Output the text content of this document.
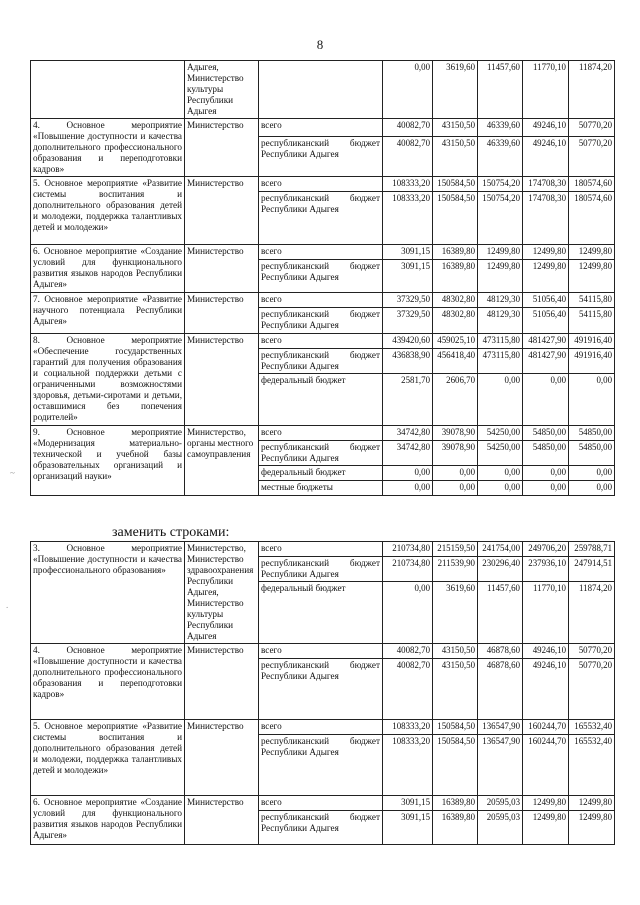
8
	Адыгея, Министерство культуры Республики Адыгея		0,00	3619,60	11457,60	11770,10	11874,20
4. Основное мероприятие «Повышение доступности и качества дополнительного профессионального образования и переподготовки кадров»	Министерство	всего	40082,70	43150,50	46339,60	49246,10	50770,20
		республиканский бюджет Республики Адыгея	40082,70	43150,50	46339,60	49246,10	50770,20
5. Основное мероприятие «Развитие системы воспитания и дополнительного образования детей и молодежи, поддержка талантливых детей и молодежи»	Министерство	всего	108333,20	150584,50	150754,20	174708,30	180574,60
		республиканский бюджет Республики Адыгея	108333,20	150584,50	150754,20	174708,30	180574,60
6. Основное мероприятие «Создание условий для функционального развития языков народов Республики Адыгея»	Министерство	всего	3091,15	16389,80	12499,80	12499,80	12499,80
		республиканский бюджет Республики Адыгея	3091,15	16389,80	12499,80	12499,80	12499,80
7. Основное мероприятие «Развитие научного потенциала Республики Адыгея»	Министерство	всего	37329,50	48302,80	48129,30	51056,40	54115,80
		республиканский бюджет Республики Адыгея	37329,50	48302,80	48129,30	51056,40	54115,80
8. Основное мероприятие «Обеспечение государственных гарантий для получения образования и социальной поддержки детьми с ограниченными возможностями здоровья, детьми-сиротами и детьми, оставшимися без попечения родителей»	Министерство	всего	439420,60	459025,10	473115,80	481427,90	491916,40
		республиканский бюджет Республики Адыгея	436838,90	456418,40	473115,80	481427,90	491916,40
		федеральный бюджет	2581,70	2606,70	0,00	0,00	0,00
9. Основное мероприятие «Модернизация материально-технической и учебной базы образовательных организаций и организаций науки»	Министерство, органы местного самоуправления	всего	34742,80	39078,90	54250,00	54850,00	54850,00
		республиканский бюджет Республики Адыгея	34742,80	39078,90	54250,00	54850,00	54850,00
		федеральный бюджет	0,00	0,00	0,00	0,00	0,00
		местные бюджеты	0,00	0,00	0,00	0,00	0,00
заменить строками:
3. Основное мероприятие «Повышение доступности и качества профессионального образования»	Министерство, Министерство здравоохранения Республики Адыгея, Министерство культуры Республики Адыгея	всего	210734,80	215159,50	241754,00	249706,20	259788,71
		республиканский бюджет Республики Адыгея	210734,80	211539,90	230296,40	237936,10	247914,51
		федеральный бюджет	0,00	3619,60	11457,60	11770,10	11874,20
4. Основное мероприятие «Повышение доступности и качества дополнительного профессионального образования и переподготовки кадров»	Министерство	всего	40082,70	43150,50	46878,60	49246,10	50770,20
		республиканский бюджет Республики Адыгея	40082,70	43150,50	46878,60	49246,10	50770,20
5. Основное мероприятие «Развитие системы воспитания и дополнительного образования детей и молодежи, поддержка талантливых детей и молодежи»	Министерство	всего	108333,20	150584,50	136547,90	160244,70	165532,40
		республиканский бюджет Республики Адыгея	108333,20	150584,50	136547,90	160244,70	165532,40
6. Основное мероприятие «Создание условий для функционального развития языков народов Республики Адыгея»	Министерство	всего	3091,15	16389,80	20595,03	12499,80	12499,80
		республиканский бюджет Республики Адыгея	3091,15	16389,80	20595,03	12499,80	12499,80
~
.
